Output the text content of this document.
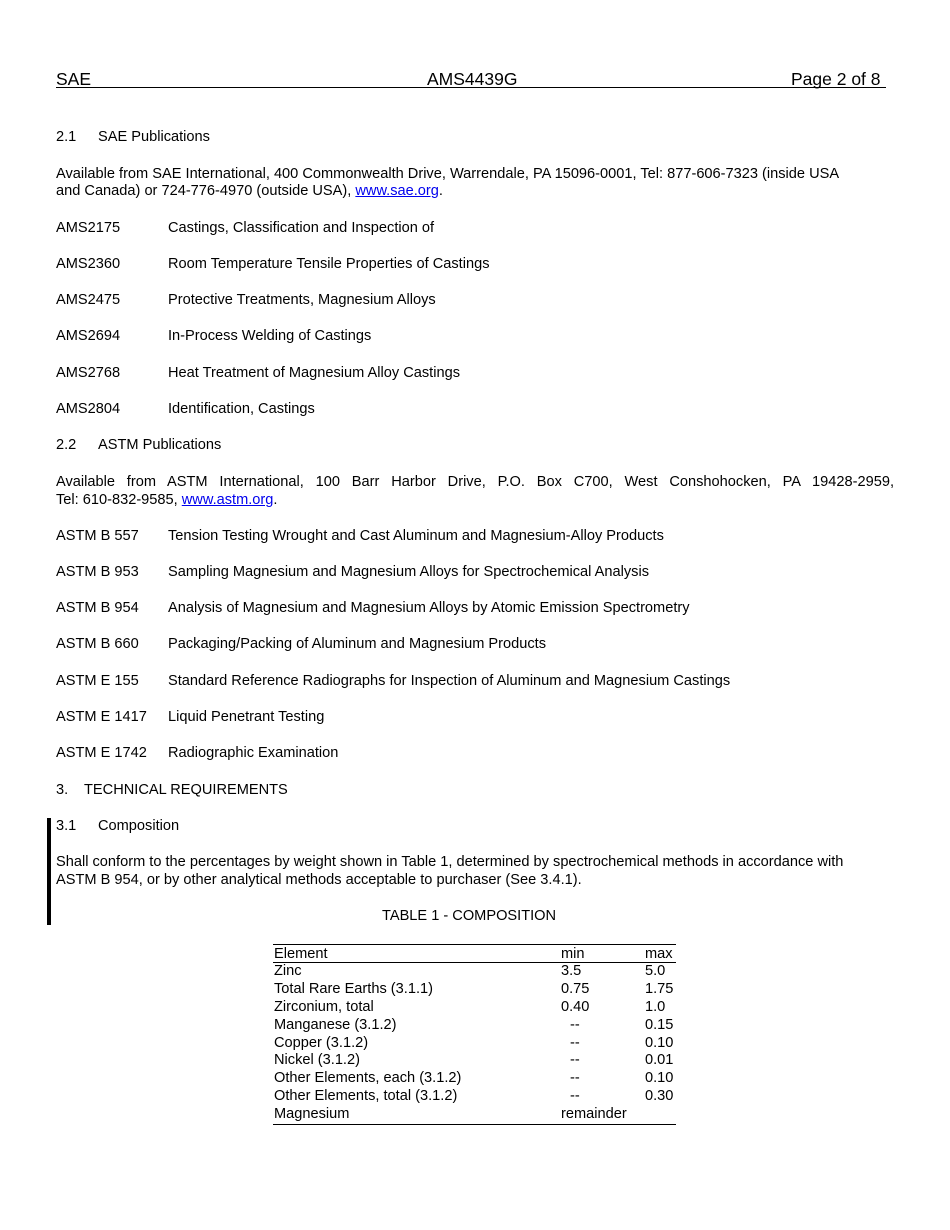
SAE	AMS4439G	Page 2 of 8
2.1 SAE Publications
Available from SAE International, 400 Commonwealth Drive, Warrendale, PA 15096-0001, Tel: 877-606-7323 (inside USA
and Canada) or 724-776-4970 (outside USA), www.sae.org.
AMS2175	Castings, Classification and Inspection of
AMS2360	Room Temperature Tensile Properties of Castings
AMS2475	Protective Treatments, Magnesium Alloys
AMS2694	In-Process Welding of Castings
AMS2768	Heat Treatment of Magnesium Alloy Castings
AMS2804	Identification, Castings
2.2 ASTM Publications
Available from ASTM International, 100 Barr Harbor Drive, P.O. Box C700, West Conshohocken, PA 19428-2959,
Tel: 610-832-9585, www.astm.org.
ASTM B 557 Tension Testing Wrought and Cast Aluminum and Magnesium-Alloy Products
ASTM B 953 Sampling Magnesium and Magnesium Alloys for Spectrochemical Analysis
ASTM B 954 Analysis of Magnesium and Magnesium Alloys by Atomic Emission Spectrometry
ASTM B 660 Packaging/Packing of Aluminum and Magnesium Products
ASTM E 155 Standard Reference Radiographs for Inspection of Aluminum and Magnesium Castings
ASTM E 1417 Liquid Penetrant Testing
ASTM E 1742 Radiographic Examination
3. TECHNICAL REQUIREMENTS
3.1 Composition
Shall conform to the percentages by weight shown in Table 1, determined by spectrochemical methods in accordance with
ASTM B 954, or by other analytical methods acceptable to purchaser (See 3.4.1).
TABLE 1 - COMPOSITION
Element	min	max
Zinc	3.5	5.0
Total Rare Earths (3.1.1)	0.75	1.75
Zirconium, total	0.40	1.0
Manganese (3.1.2)	--	0.15
Copper (3.1.2)	--	0.10
Nickel (3.1.2)	--	0.01
Other Elements, each (3.1.2)	--	0.10
Other Elements, total (3.1.2)	--	0.30
Magnesium	remainder
